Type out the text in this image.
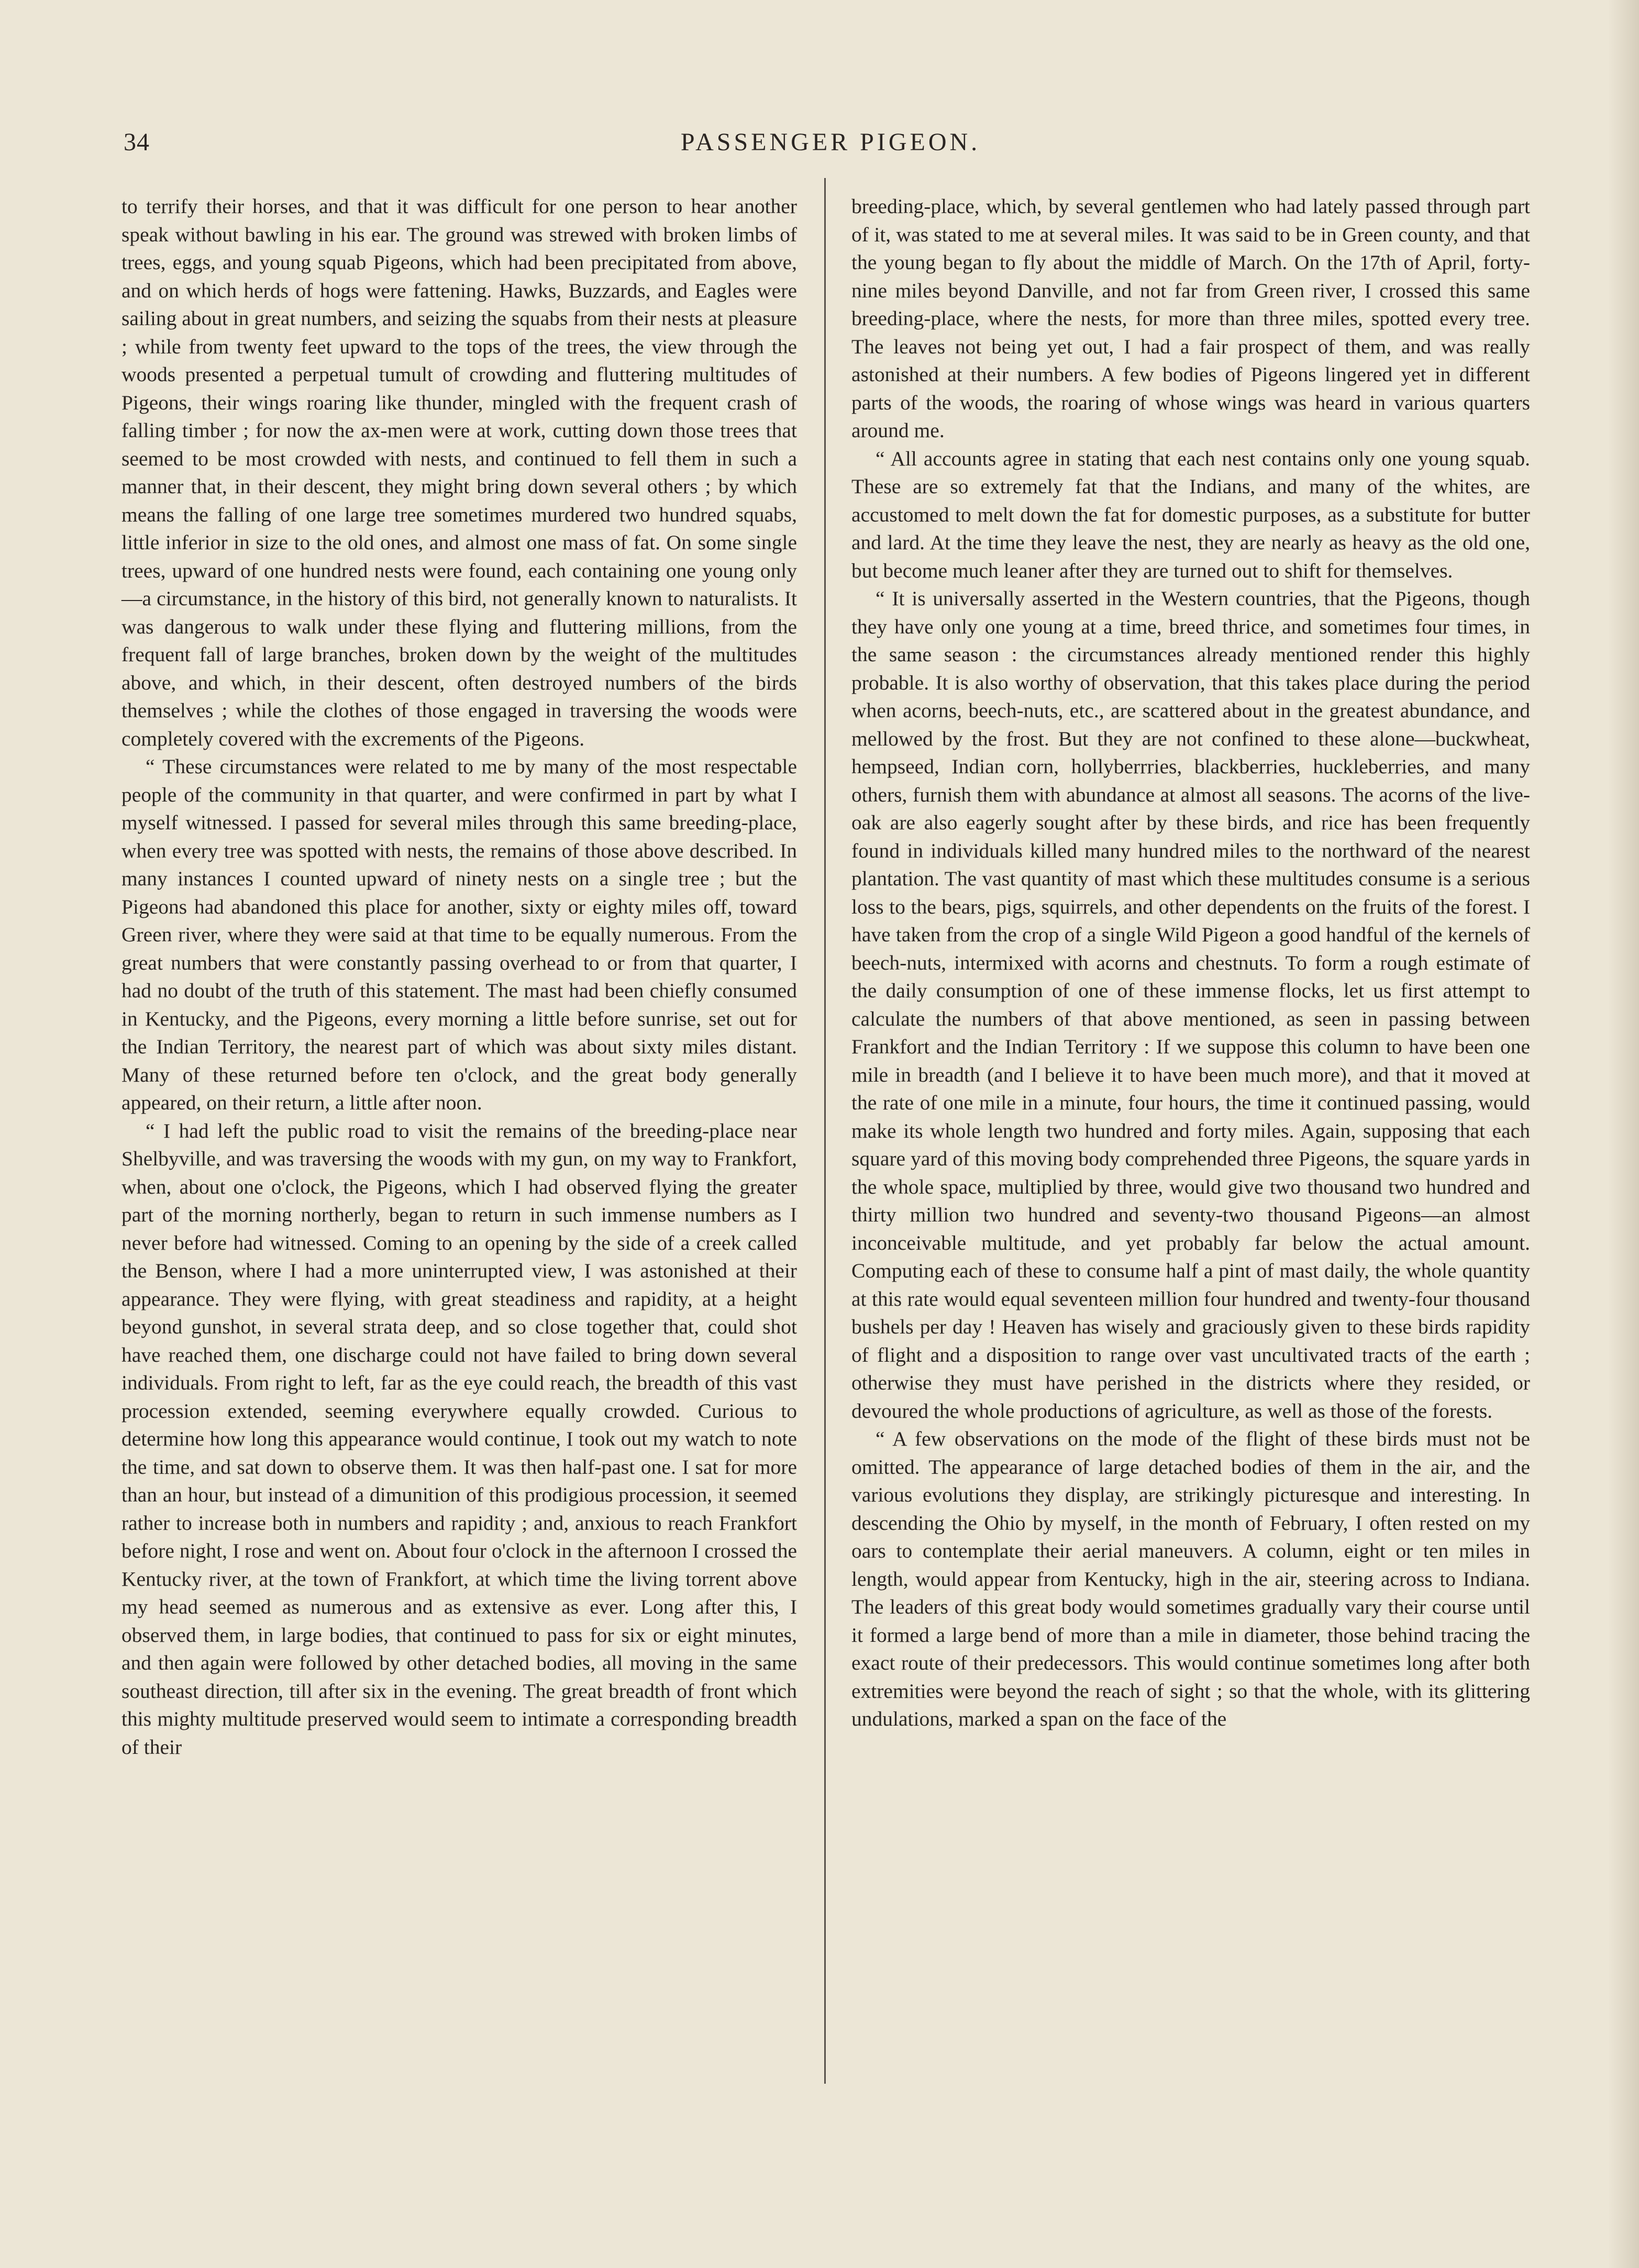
34	PASSENGER PIGEON.

to terrify their horses, and that it was difficult for one person to hear another speak without bawling in his ear. The ground was strewed with broken limbs of trees, eggs, and young squab Pigeons, which had been precipitated from above, and on which herds of hogs were fattening. Hawks, Buzzards, and Eagles were sailing about in great numbers, and seizing the squabs from their nests at pleasure ; while from twenty feet upward to the tops of the trees, the view through the woods presented a perpetual tumult of crowding and fluttering multitudes of Pigeons, their wings roaring like thunder, mingled with the frequent crash of falling timber ; for now the ax-men were at work, cutting down those trees that seemed to be most crowded with nests, and continued to fell them in such a manner that, in their descent, they might bring down several others ; by which means the falling of one large tree sometimes murdered two hundred squabs, little inferior in size to the old ones, and almost one mass of fat. On some single trees, upward of one hundred nests were found, each containing one young only—a circumstance, in the history of this bird, not generally known to naturalists. It was dangerous to walk under these flying and fluttering millions, from the frequent fall of large branches, broken down by the weight of the multitudes above, and which, in their descent, often destroyed numbers of the birds themselves ; while the clothes of those engaged in traversing the woods were completely covered with the excrements of the Pigeons.

“ These circumstances were related to me by many of the most respectable people of the community in that quarter, and were confirmed in part by what I myself witnessed. I passed for several miles through this same breeding-place, when every tree was spotted with nests, the remains of those above described. In many instances I counted upward of ninety nests on a single tree ; but the Pigeons had abandoned this place for another, sixty or eighty miles off, toward Green river, where they were said at that time to be equally numerous. From the great numbers that were constantly passing overhead to or from that quarter, I had no doubt of the truth of this statement. The mast had been chiefly consumed in Kentucky, and the Pigeons, every morning a little before sunrise, set out for the Indian Territory, the nearest part of which was about sixty miles distant. Many of these returned before ten o'clock, and the great body generally appeared, on their return, a little after noon.

“ I had left the public road to visit the remains of the breeding-place near Shelbyville, and was traversing the woods with my gun, on my way to Frankfort, when, about one o'clock, the Pigeons, which I had observed flying the greater part of the morning northerly, began to return in such immense numbers as I never before had witnessed. Coming to an opening by the side of a creek called the Benson, where I had a more uninterrupted view, I was astonished at their appearance. They were flying, with great steadiness and rapidity, at a height beyond gunshot, in several strata deep, and so close together that, could shot have reached them, one discharge could not have failed to bring down several individuals. From right to left, far as the eye could reach, the breadth of this vast procession extended, seeming everywhere equally crowded. Curious to determine how long this appearance would continue, I took out my watch to note the time, and sat down to observe them. It was then half-past one. I sat for more than an hour, but instead of a dimunition of this prodigious procession, it seemed rather to increase both in numbers and rapidity ; and, anxious to reach Frankfort before night, I rose and went on. About four o'clock in the afternoon I crossed the Kentucky river, at the town of Frankfort, at which time the living torrent above my head seemed as numerous and as extensive as ever. Long after this, I observed them, in large bodies, that continued to pass for six or eight minutes, and then again were followed by other detached bodies, all moving in the same southeast direction, till after six in the evening. The great breadth of front which this mighty multitude preserved would seem to intimate a corresponding breadth of their

breeding-place, which, by several gentlemen who had lately passed through part of it, was stated to me at several miles. It was said to be in Green county, and that the young began to fly about the middle of March. On the 17th of April, forty-nine miles beyond Danville, and not far from Green river, I crossed this same breeding-place, where the nests, for more than three miles, spotted every tree. The leaves not being yet out, I had a fair prospect of them, and was really astonished at their numbers. A few bodies of Pigeons lingered yet in different parts of the woods, the roaring of whose wings was heard in various quarters around me.

“ All accounts agree in stating that each nest contains only one young squab. These are so extremely fat that the Indians, and many of the whites, are accustomed to melt down the fat for domestic purposes, as a substitute for butter and lard. At the time they leave the nest, they are nearly as heavy as the old one, but become much leaner after they are turned out to shift for themselves.

“ It is universally asserted in the Western countries, that the Pigeons, though they have only one young at a time, breed thrice, and sometimes four times, in the same season : the circumstances already mentioned render this highly probable. It is also worthy of observation, that this takes place during the period when acorns, beech-nuts, etc., are scattered about in the greatest abundance, and mellowed by the frost. But they are not confined to these alone—buckwheat, hempseed, Indian corn, hollyberrries, blackberries, huckleberries, and many others, furnish them with abundance at almost all seasons. The acorns of the live-oak are also eagerly sought after by these birds, and rice has been frequently found in individuals killed many hundred miles to the northward of the nearest plantation. The vast quantity of mast which these multitudes consume is a serious loss to the bears, pigs, squirrels, and other dependents on the fruits of the forest. I have taken from the crop of a single Wild Pigeon a good handful of the kernels of beech-nuts, intermixed with acorns and chestnuts. To form a rough estimate of the daily consumption of one of these immense flocks, let us first attempt to calculate the numbers of that above mentioned, as seen in passing between Frankfort and the Indian Territory : If we suppose this column to have been one mile in breadth (and I believe it to have been much more), and that it moved at the rate of one mile in a minute, four hours, the time it continued passing, would make its whole length two hundred and forty miles. Again, supposing that each square yard of this moving body comprehended three Pigeons, the square yards in the whole space, multiplied by three, would give two thousand two hundred and thirty million two hundred and seventy-two thousand Pigeons—an almost inconceivable multitude, and yet probably far below the actual amount. Computing each of these to consume half a pint of mast daily, the whole quantity at this rate would equal seventeen million four hundred and twenty-four thousand bushels per day ! Heaven has wisely and graciously given to these birds rapidity of flight and a disposition to range over vast uncultivated tracts of the earth ; otherwise they must have perished in the districts where they resided, or devoured the whole productions of agriculture, as well as those of the forests.

“ A few observations on the mode of the flight of these birds must not be omitted. The appearance of large detached bodies of them in the air, and the various evolutions they display, are strikingly picturesque and interesting. In descending the Ohio by myself, in the month of February, I often rested on my oars to contemplate their aerial maneuvers. A column, eight or ten miles in length, would appear from Kentucky, high in the air, steering across to Indiana. The leaders of this great body would sometimes gradually vary their course until it formed a large bend of more than a mile in diameter, those behind tracing the exact route of their predecessors. This would continue sometimes long after both extremities were beyond the reach of sight ; so that the whole, with its glittering undulations, marked a span on the face of the
